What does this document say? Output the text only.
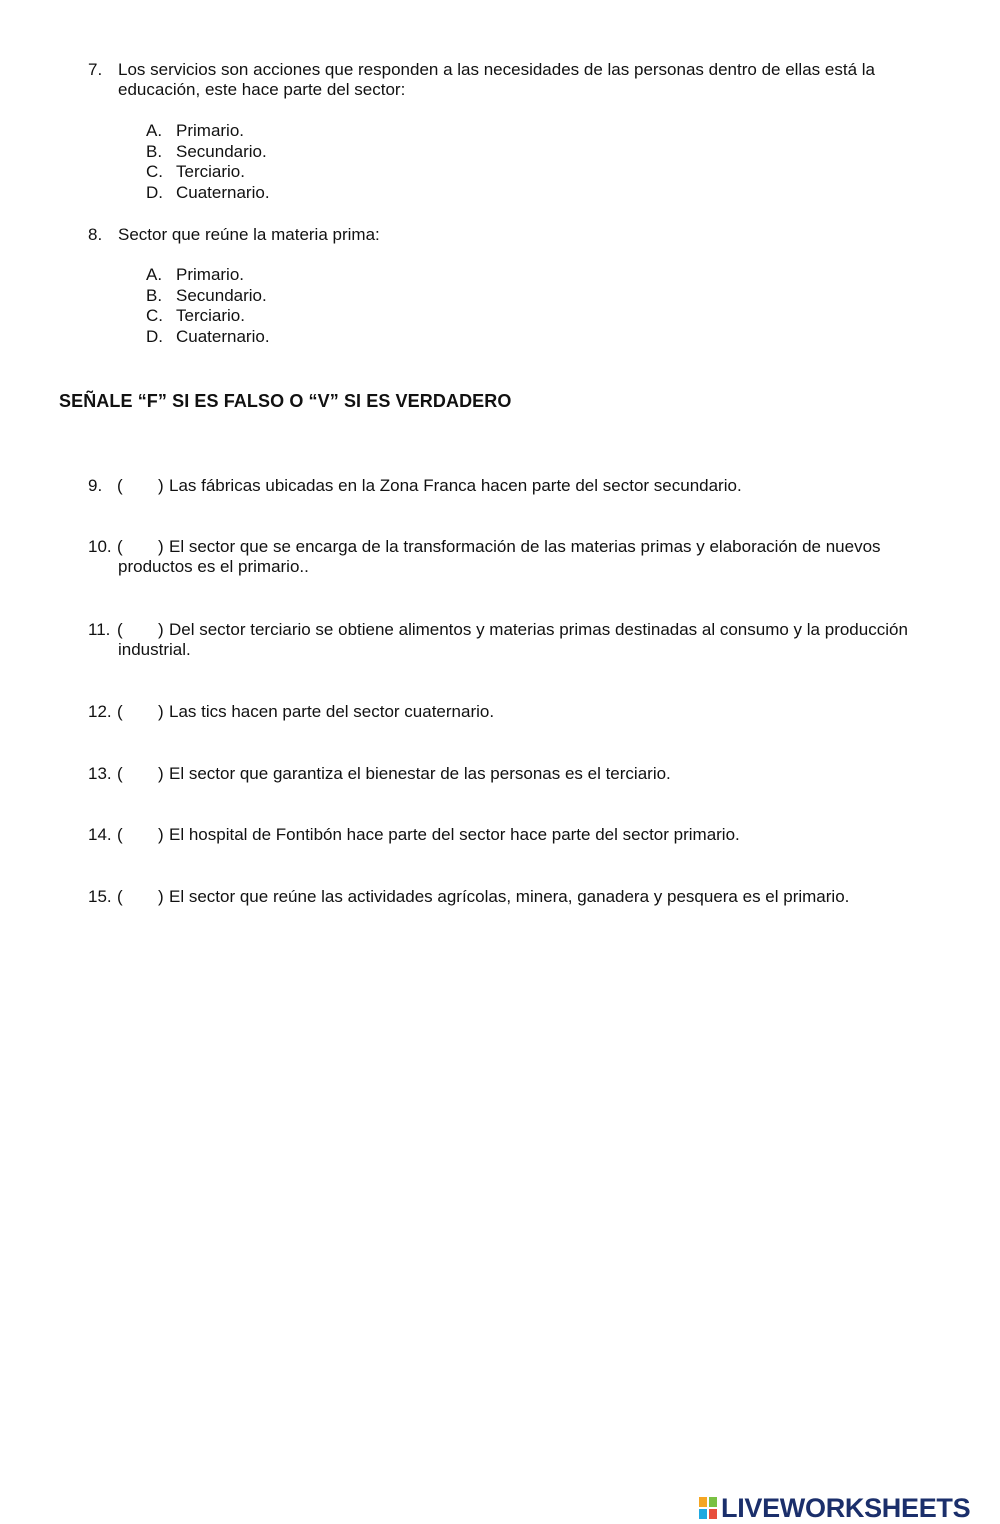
7. Los servicios son acciones que responden a las necesidades de las personas dentro de ellas está la educación, este hace parte del sector:
A. Primario.
B. Secundario.
C. Terciario.
D. Cuaternario.
8. Sector que reúne la materia prima:
A. Primario.
B. Secundario.
C. Terciario.
D. Cuaternario.
SEÑALE “F” SI ES FALSO O “V” SI ES VERDADERO
9. ( ) Las fábricas ubicadas en la Zona Franca hacen parte del sector secundario.
10. ( ) El sector que se encarga de la transformación de las materias primas y elaboración de nuevos productos es el primario..
11. ( ) Del sector terciario se obtiene alimentos y materias primas destinadas al consumo y la producción industrial.
12. ( ) Las tics hacen parte del sector cuaternario.
13. ( ) El sector que garantiza el bienestar de las personas es el terciario.
14. ( ) El hospital de Fontibón hace parte del sector hace parte del sector primario.
15. ( ) El sector que reúne las actividades agrícolas, minera, ganadera y pesquera es el primario.
LIVEWORKSHEETS
